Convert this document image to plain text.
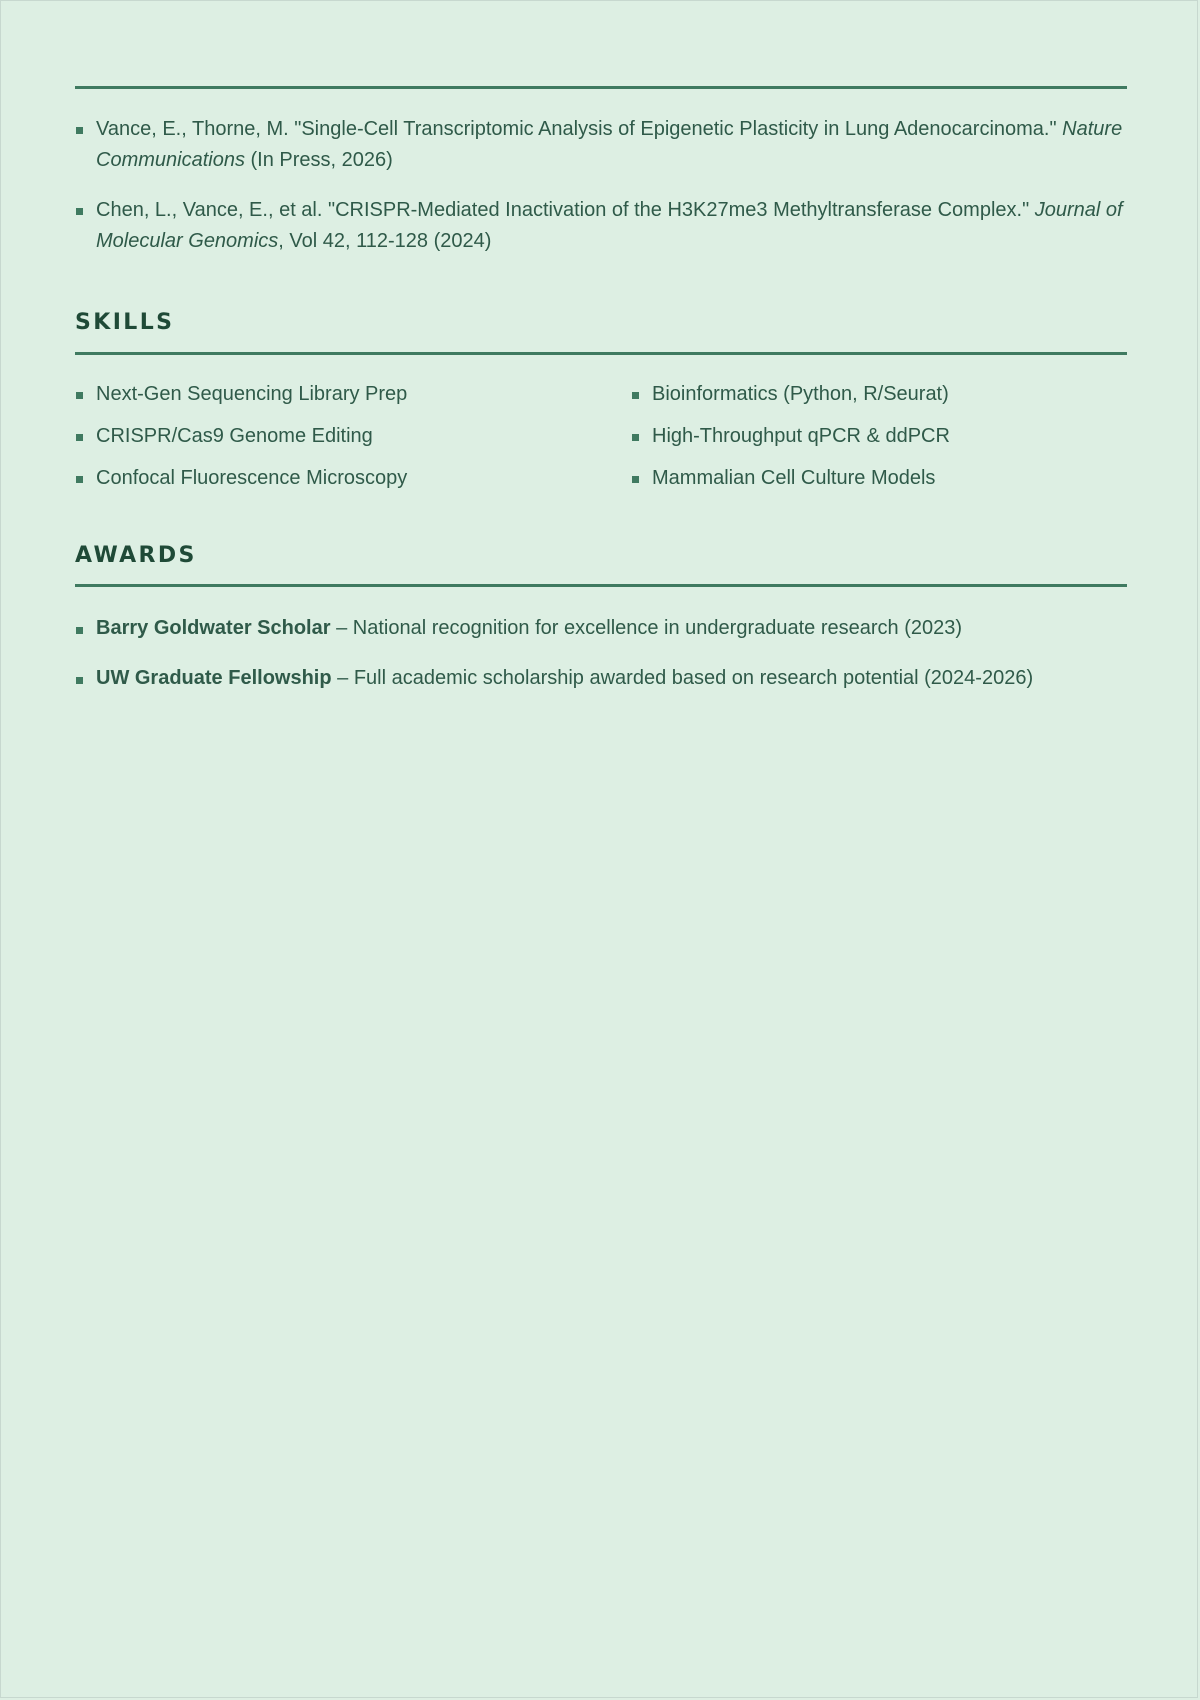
Vance, E., Thorne, M. "Single-Cell Transcriptomic Analysis of Epigenetic Plasticity in Lung Adenocarcinoma." Nature Communications (In Press, 2026)
Chen, L., Vance, E., et al. "CRISPR-Mediated Inactivation of the H3K27me3 Methyltransferase Complex." Journal of Molecular Genomics, Vol 42, 112-128 (2024)
SKILLS
Next-Gen Sequencing Library Prep	Bioinformatics (Python, R/Seurat)
CRISPR/Cas9 Genome Editing	High-Throughput qPCR & ddPCR
Confocal Fluorescence Microscopy	Mammalian Cell Culture Models
AWARDS
Barry Goldwater Scholar – National recognition for excellence in undergraduate research (2023)
UW Graduate Fellowship – Full academic scholarship awarded based on research potential (2024-2026)
